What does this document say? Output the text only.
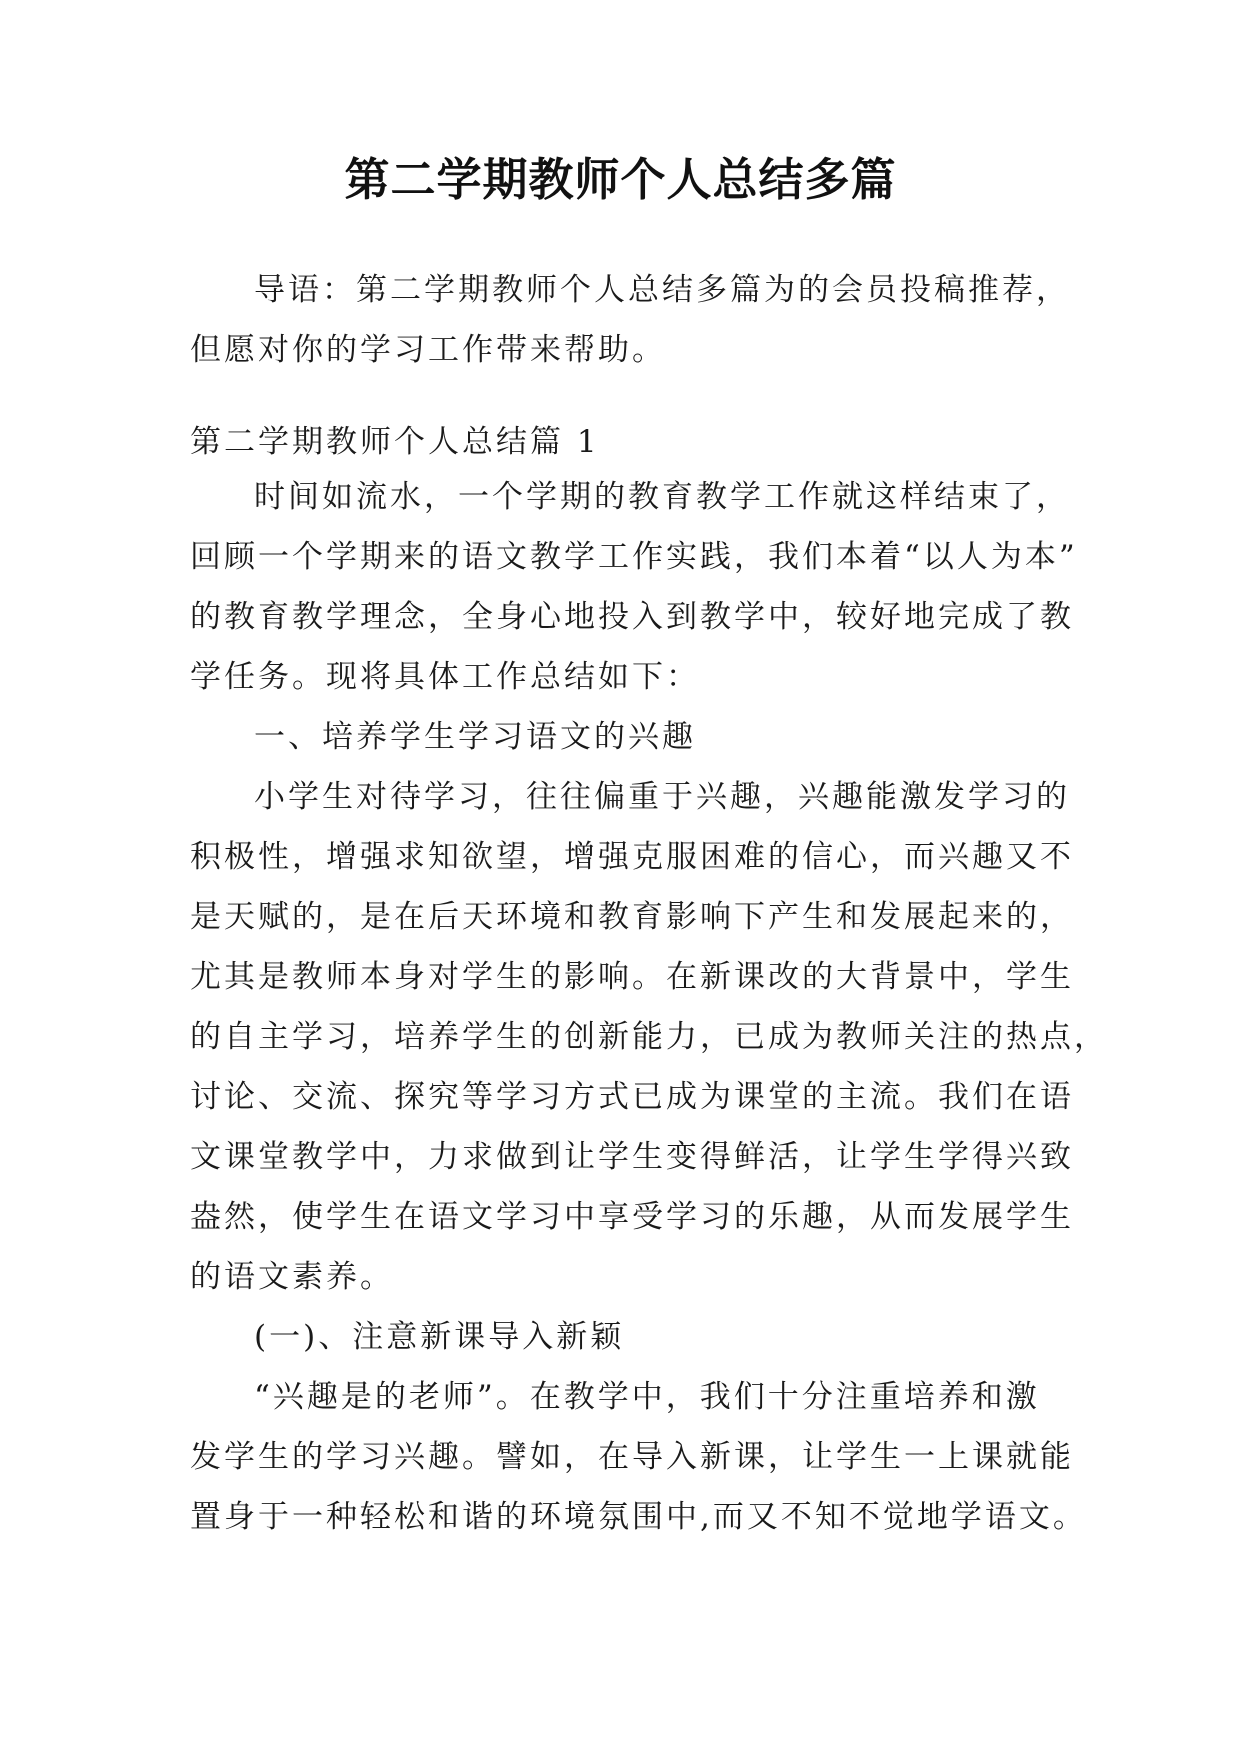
第二学期教师个人总结多篇
导语：第二学期教师个人总结多篇为的会员投稿推荐，
但愿对你的学习工作带来帮助。
第二学期教师个人总结篇 1
时间如流水，一个学期的教育教学工作就这样结束了，
回顾一个学期来的语文教学工作实践，我们本着“以人为本”
的教育教学理念，全身心地投入到教学中，较好地完成了教
学任务。现将具体工作总结如下：
一、培养学生学习语文的兴趣
小学生对待学习，往往偏重于兴趣，兴趣能激发学习的
积极性，增强求知欲望，增强克服困难的信心，而兴趣又不
是天赋的，是在后天环境和教育影响下产生和发展起来的，
尤其是教师本身对学生的影响。在新课改的大背景中，学生
的自主学习，培养学生的创新能力，已成为教师关注的热点，
讨论、交流、探究等学习方式已成为课堂的主流。我们在语
文课堂教学中，力求做到让学生变得鲜活，让学生学得兴致
盎然，使学生在语文学习中享受学习的乐趣，从而发展学生
的语文素养。
(一)、注意新课导入新颖
“兴趣是的老师”。在教学中，我们十分注重培养和激
发学生的学习兴趣。譬如，在导入新课，让学生一上课就能
置身于一种轻松和谐的环境氛围中,而又不知不觉地学语文。
